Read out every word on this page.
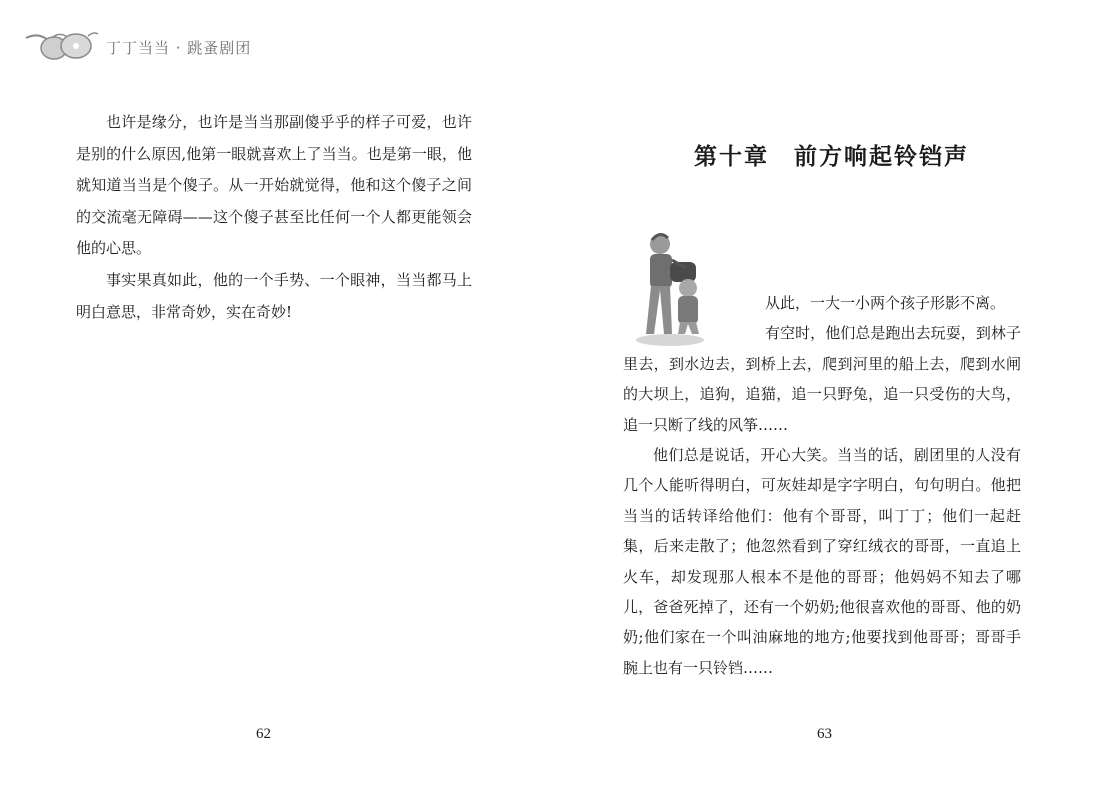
丁丁当当 · 跳蚤剧团

也许是缘分，也许是当当那副傻乎乎的样子可爱，也许是别的什么原因,他第一眼就喜欢上了当当。也是第一眼，他就知道当当是个傻子。从一开始就觉得，他和这个傻子之间的交流毫无障碍——这个傻子甚至比任何一个人都更能领会他的心思。

事实果真如此，他的一个手势、一个眼神，当当都马上明白意思，非常奇妙，实在奇妙!

62
第十章　前方响起铃铛声

从此，一大一小两个孩子形影不离。

有空时，他们总是跑出去玩耍，到林子里去，到水边去，到桥上去，爬到河里的船上去，爬到水闸的大坝上，追狗，追猫，追一只野兔，追一只受伤的大鸟，追一只断了线的风筝……

他们总是说话，开心大笑。当当的话，剧团里的人没有几个人能听得明白，可灰娃却是字字明白，句句明白。他把当当的话转译给他们：他有个哥哥，叫丁丁；他们一起赶集，后来走散了；他忽然看到了穿红绒衣的哥哥，一直追上火车，却发现那人根本不是他的哥哥；他妈妈不知去了哪儿，爸爸死掉了，还有一个奶奶;他很喜欢他的哥哥、他的奶奶;他们家在一个叫油麻地的地方;他要找到他哥哥；哥哥手腕上也有一只铃铛……

63
